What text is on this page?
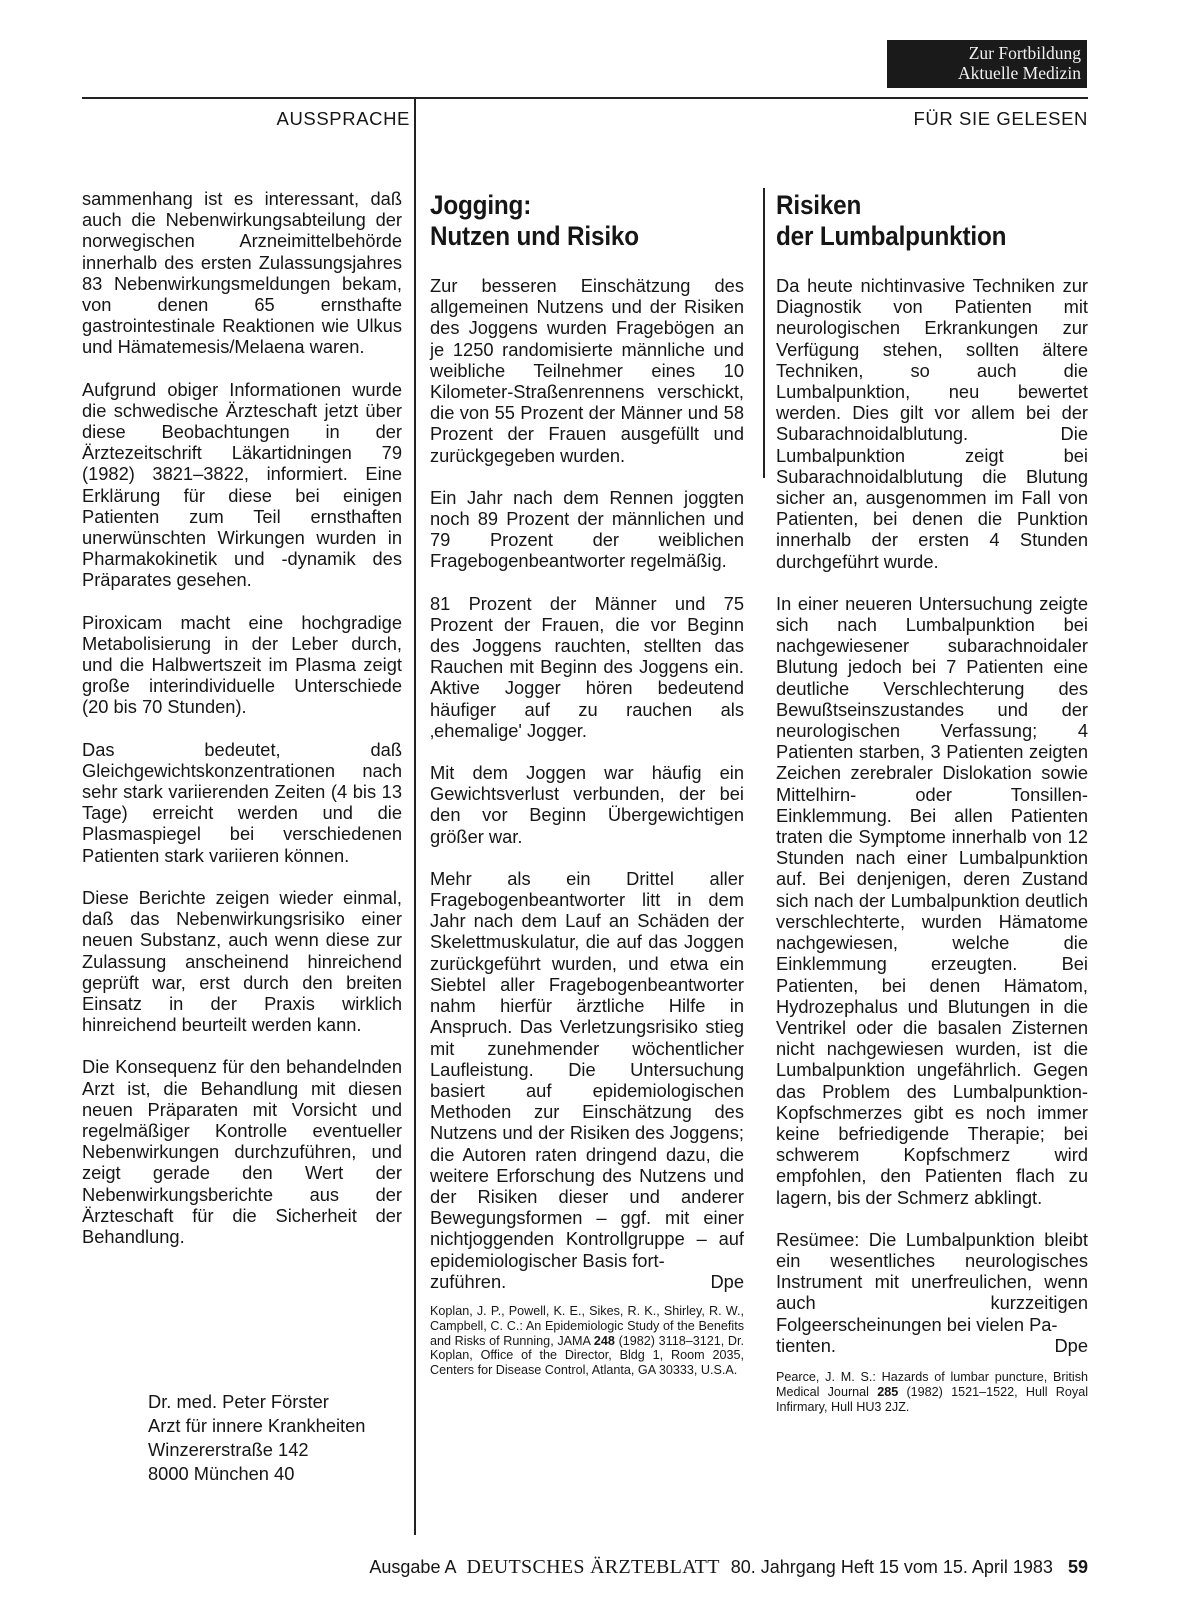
Zur Fortbildung
Aktuelle Medizin
AUSSPRACHE	FÜR SIE GELESEN

sammenhang ist es interessant, daß auch die Nebenwirkungsabteilung der norwegischen Arzneimittelbehörde innerhalb des ersten Zulassungsjahres 83 Nebenwirkungsmeldungen bekam, von denen 65 ernsthafte gastrointestinale Reaktionen wie Ulkus und Hämatemesis/Melaena waren.

Aufgrund obiger Informationen wurde die schwedische Ärzteschaft jetzt über diese Beobachtungen in der Ärztezeitschrift Läkartidningen 79 (1982) 3821–3822, informiert. Eine Erklärung für diese bei einigen Patienten zum Teil ernsthaften unerwünschten Wirkungen wurden in Pharmakokinetik und -dynamik des Präparates gesehen.

Piroxicam macht eine hochgradige Metabolisierung in der Leber durch, und die Halbwertszeit im Plasma zeigt große interindividuelle Unterschiede (20 bis 70 Stunden).

Das bedeutet, daß Gleichgewichtskonzentrationen nach sehr stark variierenden Zeiten (4 bis 13 Tage) erreicht werden und die Plasmaspiegel bei verschiedenen Patienten stark variieren können.

Diese Berichte zeigen wieder einmal, daß das Nebenwirkungsrisiko einer neuen Substanz, auch wenn diese zur Zulassung anscheinend hinreichend geprüft war, erst durch den breiten Einsatz in der Praxis wirklich hinreichend beurteilt werden kann.

Die Konsequenz für den behandelnden Arzt ist, die Behandlung mit diesen neuen Präparaten mit Vorsicht und regelmäßiger Kontrolle eventueller Nebenwirkungen durchzuführen, und zeigt gerade den Wert der Nebenwirkungsberichte aus der Ärzteschaft für die Sicherheit der Behandlung.

Dr. med. Peter Förster
Arzt für innere Krankheiten
Winzererstraße 142
8000 München 40
Jogging:
Nutzen und Risiko

Zur besseren Einschätzung des allgemeinen Nutzens und der Risiken des Joggens wurden Fragebögen an je 1250 randomisierte männliche und weibliche Teilnehmer eines 10 Kilometer-Straßenrennens verschickt, die von 55 Prozent der Männer und 58 Prozent der Frauen ausgefüllt und zurückgegeben wurden.

Ein Jahr nach dem Rennen joggten noch 89 Prozent der männlichen und 79 Prozent der weiblichen Fragebogenbeantworter regelmäßig.

81 Prozent der Männer und 75 Prozent der Frauen, die vor Beginn des Joggens rauchten, stellten das Rauchen mit Beginn des Joggens ein. Aktive Jogger hören bedeutend häufiger auf zu rauchen als ‚ehemalige' Jogger.

Mit dem Joggen war häufig ein Gewichtsverlust verbunden, der bei den vor Beginn Übergewichtigen größer war.

Mehr als ein Drittel aller Fragebogenbeantworter litt in dem Jahr nach dem Lauf an Schäden der Skelettmuskulatur, die auf das Joggen zurückgeführt wurden, und etwa ein Siebtel aller Fragebogenbeantworter nahm hierfür ärztliche Hilfe in Anspruch. Das Verletzungsrisiko stieg mit zunehmender wöchentlicher Laufleistung. Die Untersuchung basiert auf epidemiologischen Methoden zur Einschätzung des Nutzens und der Risiken des Joggens; die Autoren raten dringend dazu, die weitere Erforschung des Nutzens und der Risiken dieser und anderer Bewegungsformen – ggf. mit einer nichtjoggenden Kontrollgruppe – auf epidemiologischer Basis fort-

zuführen.	Dpe
Koplan, J. P., Powell, K. E., Sikes, R. K., Shirley, R. W., Campbell, C. C.: An Epidemiologic Study of the Benefits and Risks of Running, JAMA 248 (1982) 3118–3121, Dr. Koplan, Office of the Director, Bldg 1, Room 2035, Centers for Disease Control, Atlanta, GA 30333, U.S.A.
Risiken
der Lumbalpunktion

Da heute nichtinvasive Techniken zur Diagnostik von Patienten mit neurologischen Erkrankungen zur Verfügung stehen, sollten ältere Techniken, so auch die Lumbalpunktion, neu bewertet werden. Dies gilt vor allem bei der Subarachnoidalblutung. Die Lumbalpunktion zeigt bei Subarachnoidalblutung die Blutung sicher an, ausgenommen im Fall von Patienten, bei denen die Punktion innerhalb der ersten 4 Stunden durchgeführt wurde.

In einer neueren Untersuchung zeigte sich nach Lumbalpunktion bei nachgewiesener subarachnoidaler Blutung jedoch bei 7 Patienten eine deutliche Verschlechterung des Bewußtseinszustandes und der neurologischen Verfassung; 4 Patienten starben, 3 Patienten zeigten Zeichen zerebraler Dislokation sowie Mittelhirn- oder Tonsillen-Einklemmung. Bei allen Patienten traten die Symptome innerhalb von 12 Stunden nach einer Lumbalpunktion auf. Bei denjenigen, deren Zustand sich nach der Lumbalpunktion deutlich verschlechterte, wurden Hämatome nachgewiesen, welche die Einklemmung erzeugten. Bei Patienten, bei denen Hämatom, Hydrozephalus und Blutungen in die Ventrikel oder die basalen Zisternen nicht nachgewiesen wurden, ist die Lumbalpunktion ungefährlich. Gegen das Problem des Lumbalpunktion-Kopfschmerzes gibt es noch immer keine befriedigende Therapie; bei schwerem Kopfschmerz wird empfohlen, den Patienten flach zu lagern, bis der Schmerz abklingt.

Resümee: Die Lumbalpunktion bleibt ein wesentliches neurologisches Instrument mit unerfreulichen, wenn auch kurzzeitigen Folgeerscheinungen bei vielen Pa-

tienten.	Dpe
Pearce, J. M. S.: Hazards of lumbar puncture, British Medical Journal 285 (1982) 1521–1522, Hull Royal Infirmary, Hull HU3 2JZ.
Ausgabe A DEUTSCHES ÄRZTEBLATT 80. Jahrgang Heft 15 vom 15. April 1983 59
